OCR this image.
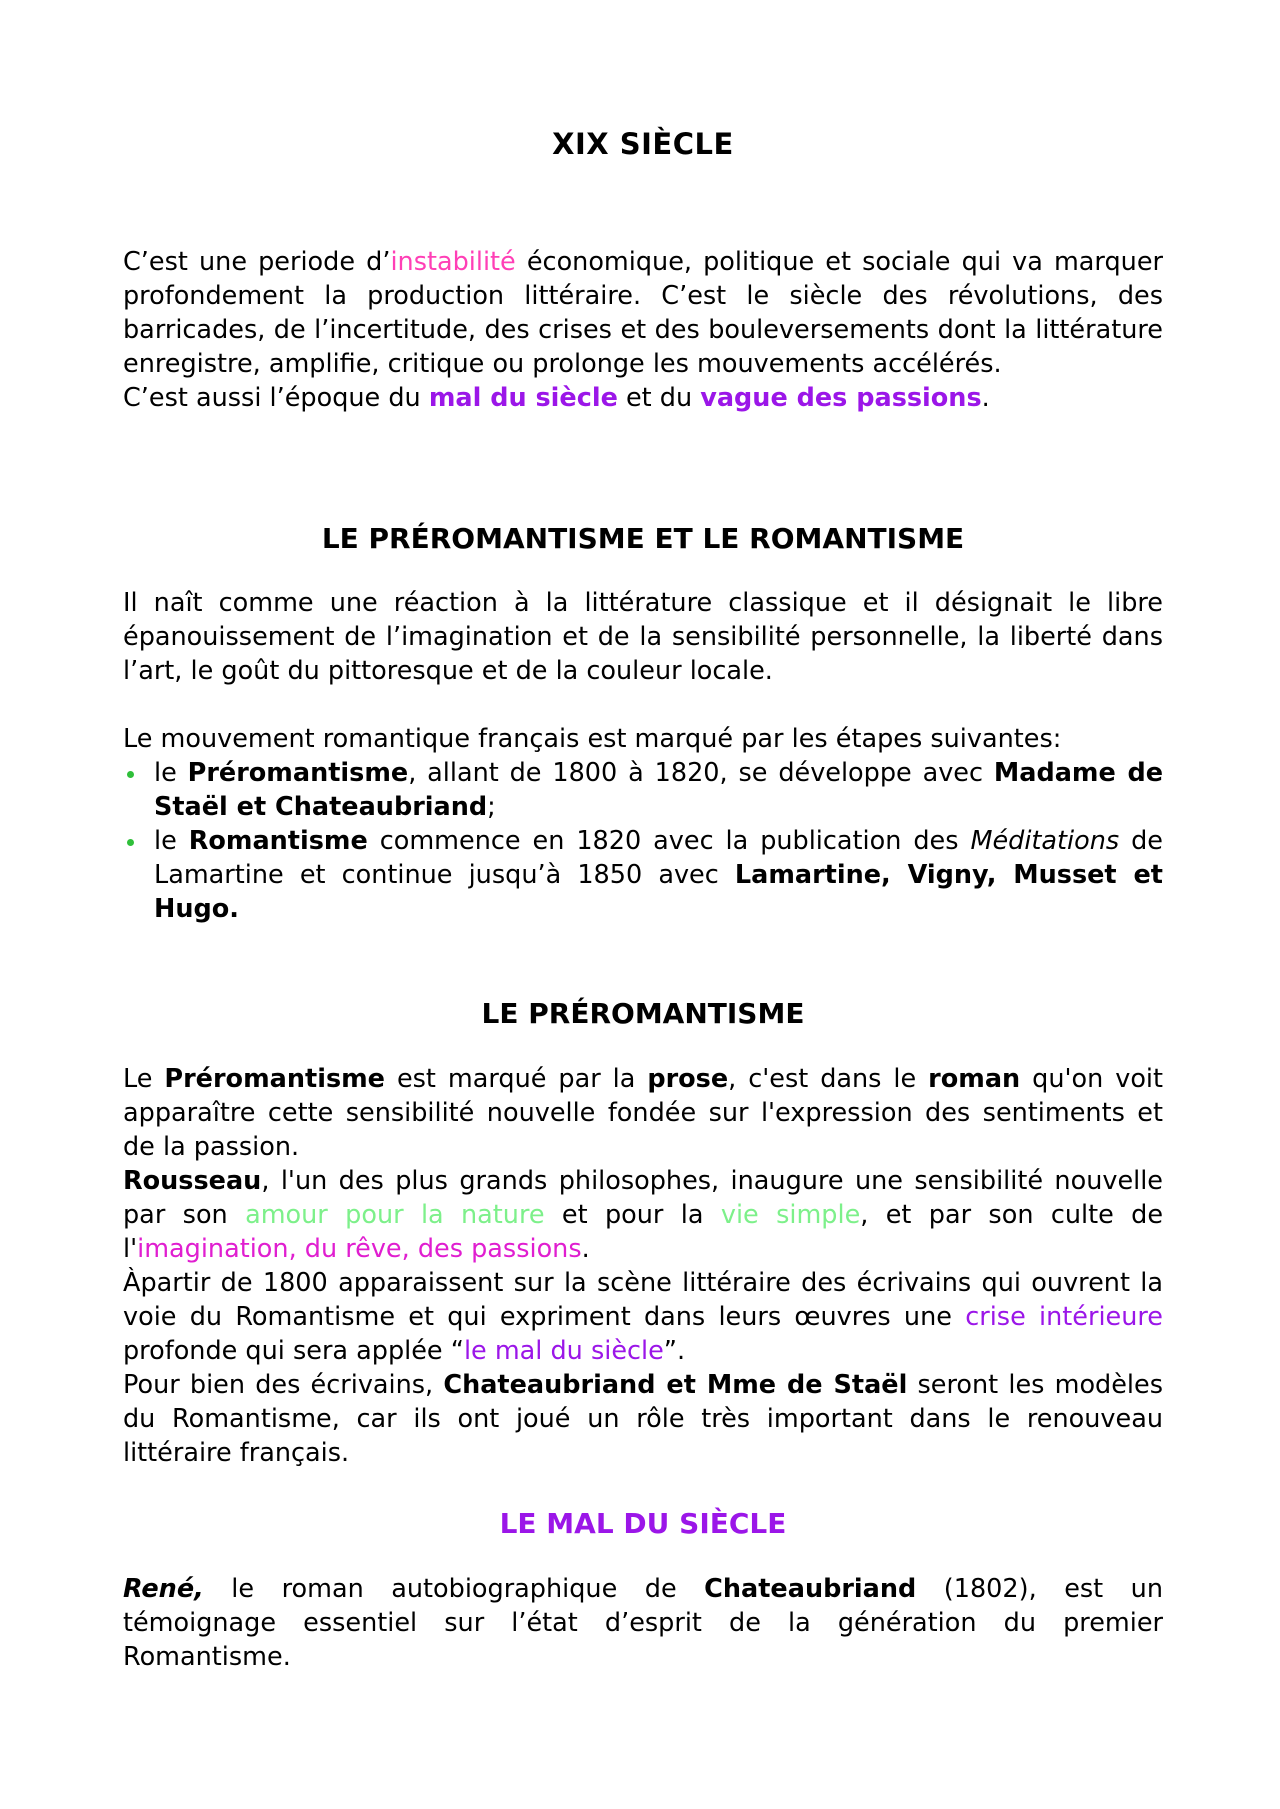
XIX SIÈCLE

C’est une periode d’instabilité économique, politique et sociale qui va marquer profondement la production littéraire. C’est le siècle des révolutions, des barricades, de l’incertitude, des crises et des bouleversements dont la littérature enregistre, amplifie, critique ou prolonge les mouvements accélérés.
C’est aussi l’époque du mal du siècle et du vague des passions.

LE PRÉROMANTISME ET LE ROMANTISME

Il naît comme une réaction à la littérature classique et il désignait le libre épanouissement de l’imagination et de la sensibilité personnelle, la liberté dans l’art, le goût du pittoresque et de la couleur locale.

Le mouvement romantique français est marqué par les étapes suivantes:

le Préromantisme, allant de 1800 à 1820, se développe avec Madame de Staël et Chateaubriand;
le Romantisme commence en 1820 avec la publication des Méditations de Lamartine et continue jusqu’à 1850 avec Lamartine, Vigny, Musset et Hugo.
LE PRÉROMANTISME

Le Préromantisme est marqué par la prose, c'est dans le roman qu'on voit apparaître cette sensibilité nouvelle fondée sur l'expression des sentiments et de la passion.
Rousseau, l'un des plus grands philosophes, inaugure une sensibilité nouvelle par son amour pour la nature et pour la vie simple, et par son culte de l'imagination, du rêve, des passions.
Àpartir de 1800 apparaissent sur la scène littéraire des écrivains qui ouvrent la voie du Romantisme et qui expriment dans leurs œuvres une crise intérieure profonde qui sera applée “le mal du siècle”.
Pour bien des écrivains, Chateaubriand et Mme de Staël seront les modèles du Romantisme, car ils ont joué un rôle très important dans le renouveau littéraire français.

LE MAL DU SIÈCLE

René, le roman autobiographique de Chateaubriand (1802), est un témoignage essentiel sur l’état d’esprit de la génération du premier Romantisme.
